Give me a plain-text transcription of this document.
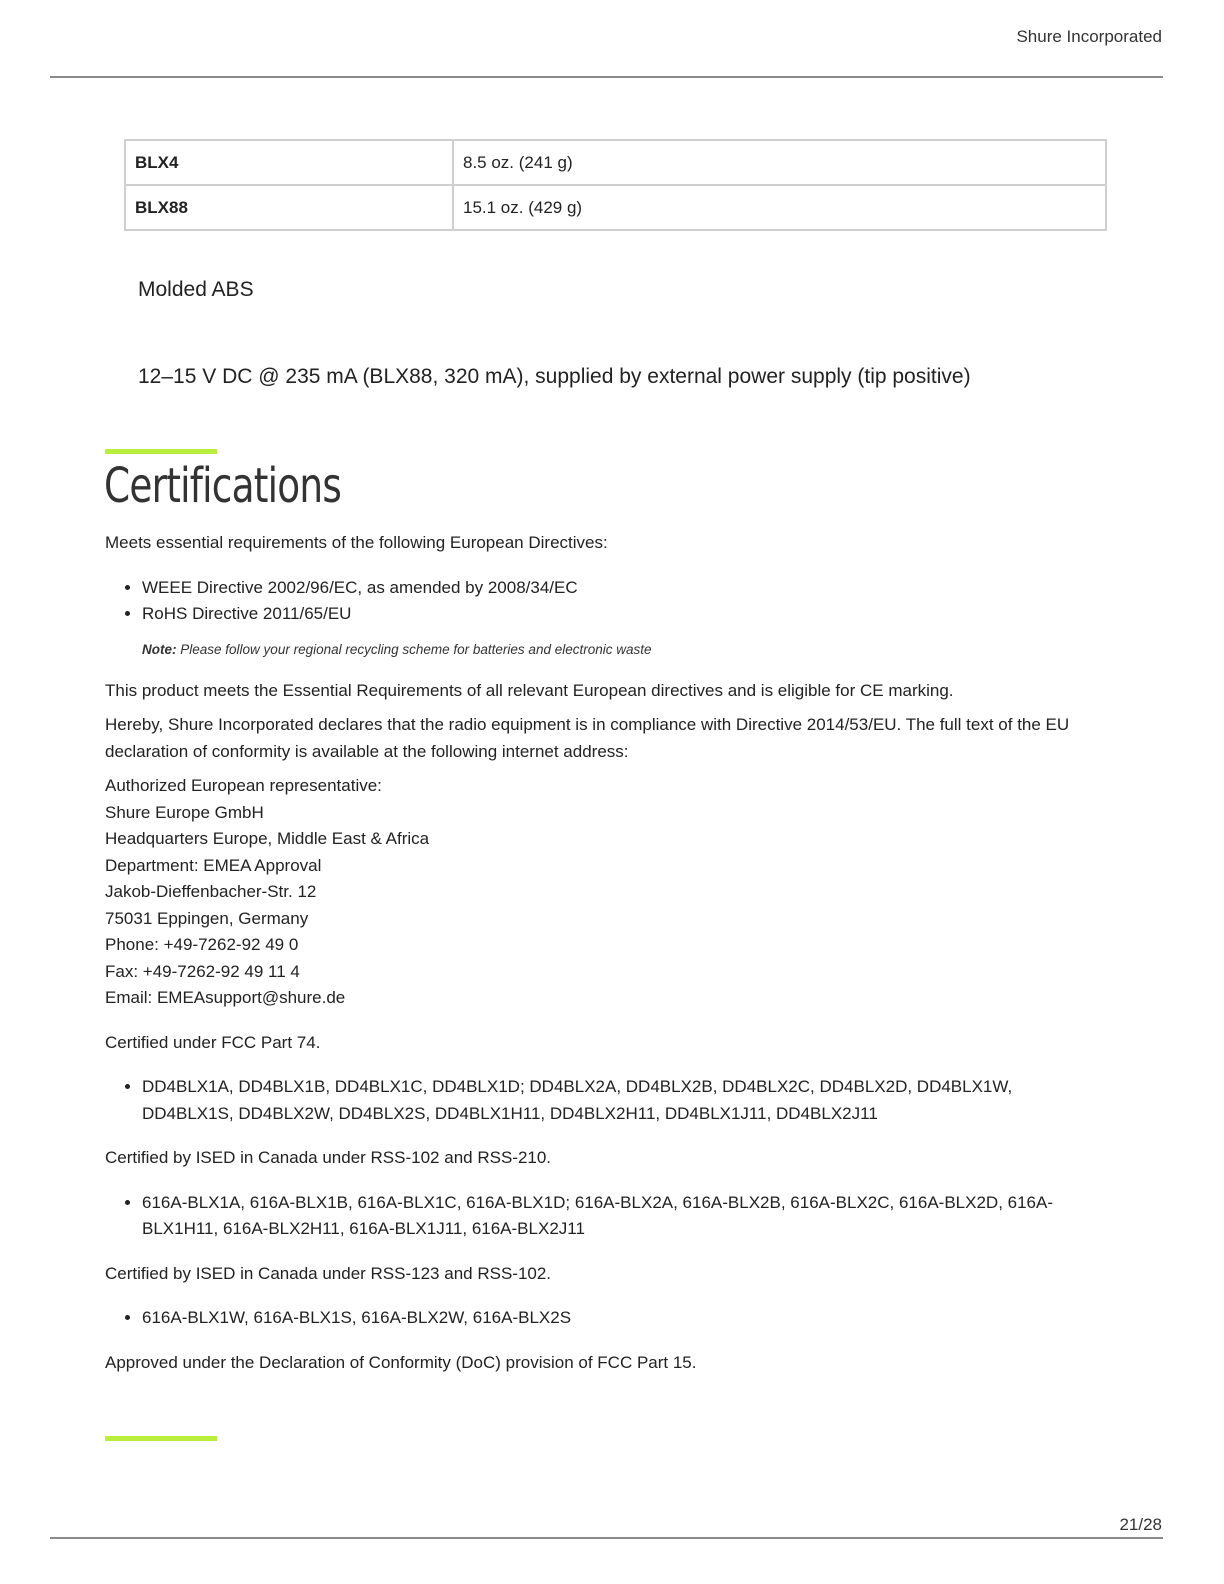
Shure Incorporated
BLX4	8.5 oz. (241 g)
BLX88	15.1 oz. (429 g)
Molded ABS
12–15 V DC @ 235 mA (BLX88, 320 mA), supplied by external power supply (tip positive)
Certifications

Meets essential requirements of the following European Directives:

• WEEE Directive 2002/96/EC, as amended by 2008/34/EC
• RoHS Directive 2011/65/EU

Note: Please follow your regional recycling scheme for batteries and electronic waste

This product meets the Essential Requirements of all relevant European directives and is eligible for CE marking.

Hereby, Shure Incorporated declares that the radio equipment is in compliance with Directive 2014/53/EU. The full text of the EU declaration of conformity is available at the following internet address:

Authorized European representative:
Shure Europe GmbH
Headquarters Europe, Middle East & Africa
Department: EMEA Approval
Jakob-Dieffenbacher-Str. 12
75031 Eppingen, Germany
Phone: +49-7262-92 49 0
Fax: +49-7262-92 49 11 4
Email: EMEAsupport@shure.de

Certified under FCC Part 74.

• DD4BLX1A, DD4BLX1B, DD4BLX1C, DD4BLX1D; DD4BLX2A, DD4BLX2B, DD4BLX2C, DD4BLX2D, DD4BLX1W, DD4BLX1S, DD4BLX2W, DD4BLX2S, DD4BLX1H11, DD4BLX2H11, DD4BLX1J11, DD4BLX2J11

Certified by ISED in Canada under RSS-102 and RSS-210.

• 616A-BLX1A, 616A-BLX1B, 616A-BLX1C, 616A-BLX1D; 616A-BLX2A, 616A-BLX2B, 616A-BLX2C, 616A-BLX2D, 616A-BLX1H11, 616A-BLX2H11, 616A-BLX1J11, 616A-BLX2J11

Certified by ISED in Canada under RSS-123 and RSS-102.

• 616A-BLX1W, 616A-BLX1S, 616A-BLX2W, 616A-BLX2S

Approved under the Declaration of Conformity (DoC) provision of FCC Part 15.

21/28
